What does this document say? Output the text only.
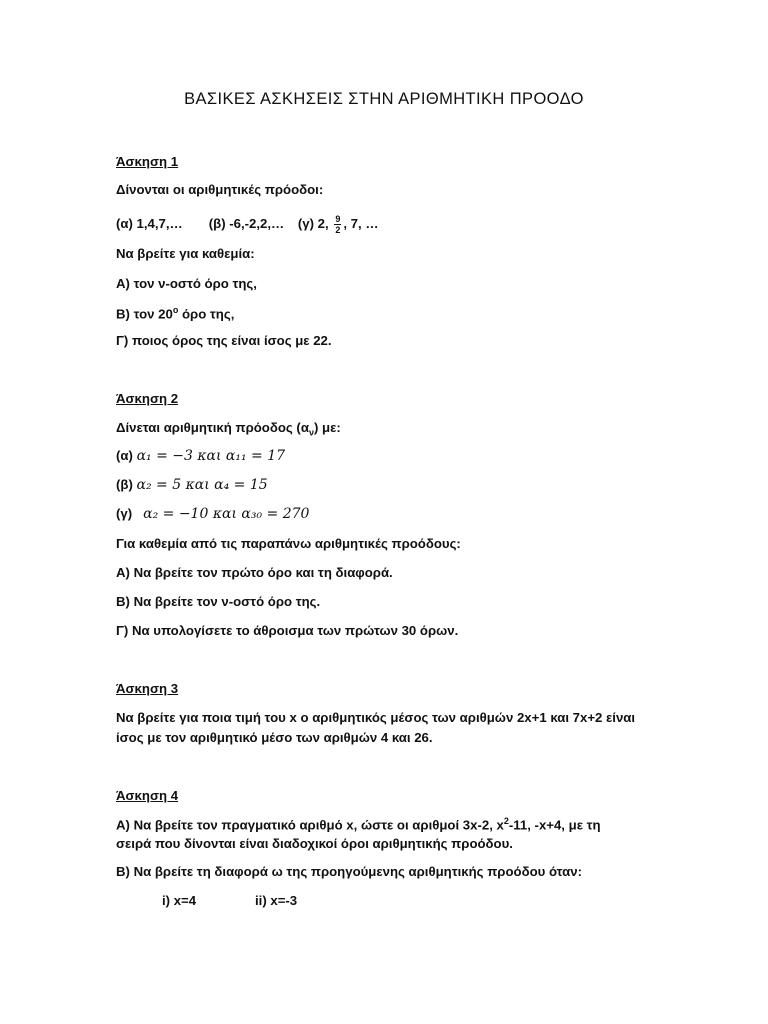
ΒΑΣΙΚΕΣ ΑΣΚΗΣΕΙΣ ΣΤΗΝ ΑΡΙΘΜΗΤΙΚΗ ΠΡΟΟΔΟ
Άσκηση 1
Δίνονται οι αριθμητικές πρόοδοι:
(α) 1,4,7,… (β) -6,-2,2,… (γ) 2, $\frac{9}{2}$ , 7, …
Να βρείτε για καθεμία:
Α) τον ν-οστό όρο της,
Β) τον $20^o$ όρο της,
Γ) ποιος όρος της είναι ίσος με 22.
Άσκηση 2
Δίνεται αριθμητική πρόοδος $(\alpha_\nu)$ με:
(α) α₁ = −3 και α₁₁ = 17
(β) α₂ = 5 και α₄ = 15
(γ) α₂ = −10 και α₃₀ = 270
Για καθεμία από τις παραπάνω αριθμητικές προόδους:
Α) Να βρείτε τον πρώτο όρο και τη διαφορά.
Β) Να βρείτε τον ν-οστό όρο της.
Γ) Να υπολογίσετε το άθροισμα των πρώτων 30 όρων.
Άσκηση 3
Να βρείτε για ποια τιμή του x ο αριθμητικός μέσος των αριθμών 2x+1 και 7x+2 είναι
ίσος με τον αριθμητικό μέσο των αριθμών 4 και 26.
Άσκηση 4
Α) Να βρείτε τον πραγματικό αριθμό x, ώστε οι αριθμοί 3x-2, $x^2-11$, -x+4, με τη
σειρά που δίνονται είναι διαδοχικοί όροι αριθμητικής προόδου.
Β) Να βρείτε τη διαφορά ω της προηγούμενης αριθμητικής προόδου όταν:
i) x=4	ii) x=-3
